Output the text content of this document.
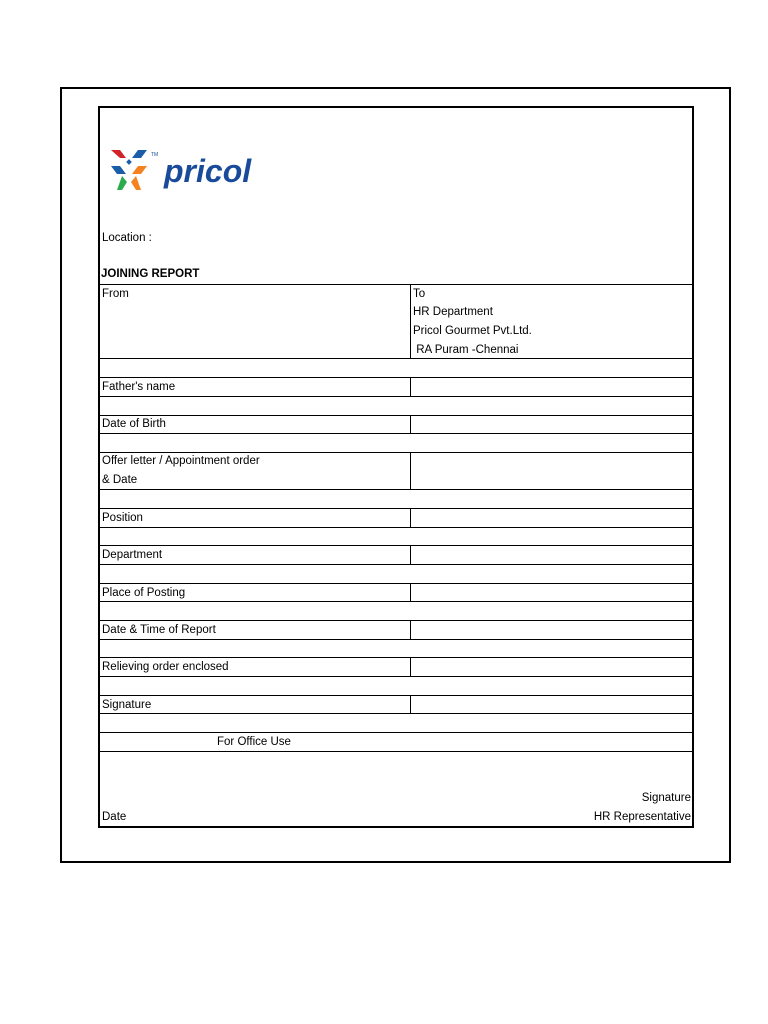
TM pricol
Location :
JOINING REPORT
From	To
HR Department
Pricol Gourmet Pvt.Ltd.
RA Puram -Chennai
Father's name
Date of Birth
Offer letter / Appointment order
& Date
Position
Department
Place of Posting
Date & Time of Report
Relieving order enclosed
Signature
For Office Use
Signature
Date	HR Representative
